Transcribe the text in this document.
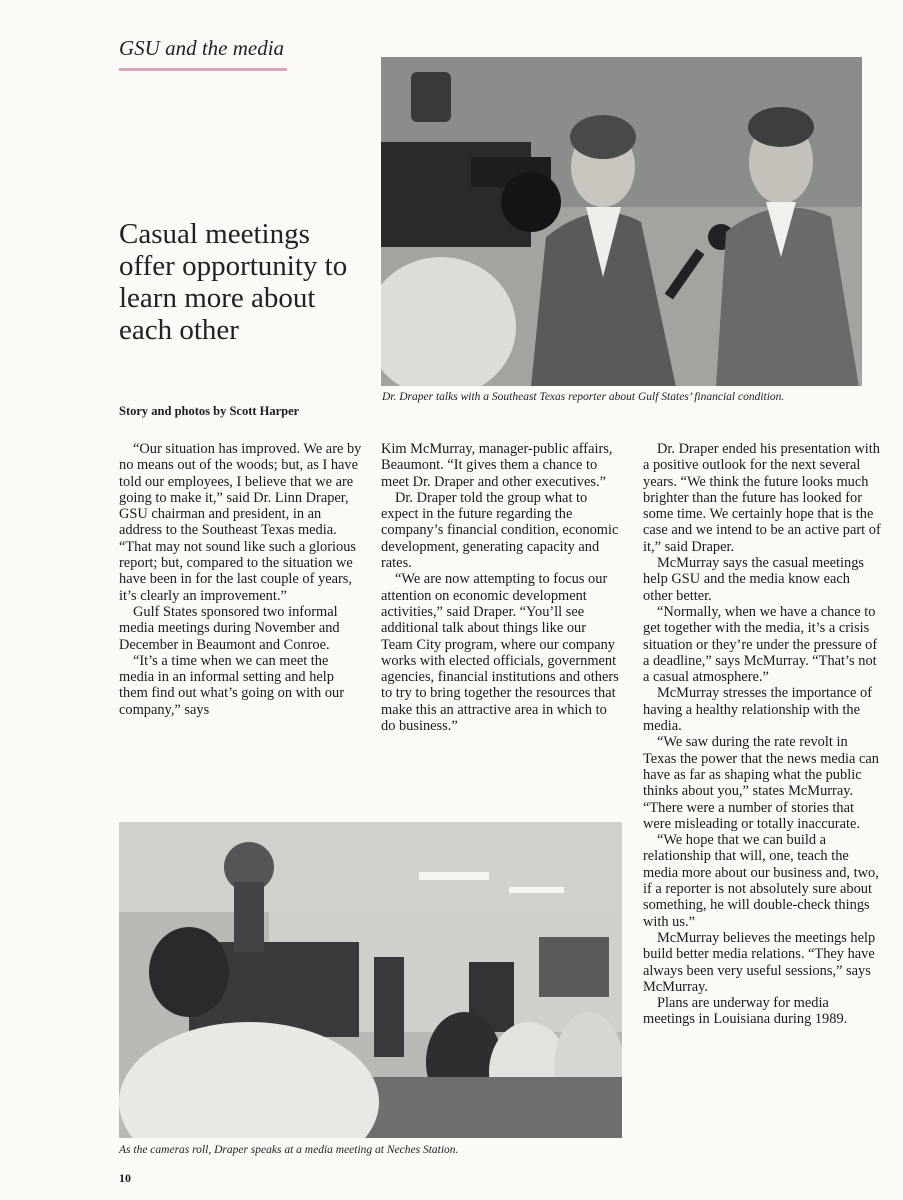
GSU and the media
Casual meetings offer opportunity to learn more about each other
Story and photos by Scott Harper
Dr. Draper talks with a Southeast Texas reporter about Gulf States’ financial condition.

“Our situation has improved. We are by no means out of the woods; but, as I have told our employees, I believe that we are going to make it,” said Dr. Linn Draper, GSU chairman and president, in an address to the Southeast Texas media. “That may not sound like such a glorious report; but, compared to the situation we have been in for the last couple of years, it’s clearly an improvement.”

Gulf States sponsored two informal media meetings during November and December in Beaumont and Conroe.

“It’s a time when we can meet the media in an informal setting and help them find out what’s going on with our company,” says

Kim McMurray, manager-public affairs, Beaumont. “It gives them a chance to meet Dr. Draper and other executives.”

Dr. Draper told the group what to expect in the future regarding the company’s financial condition, economic development, generating capacity and rates.

“We are now attempting to focus our attention on economic development activities,” said Draper. “You’ll see additional talk about things like our Team City program, where our company works with elected officials, government agencies, financial institutions and others to try to bring together the resources that make this an attractive area in which to do business.”

Dr. Draper ended his presentation with a positive outlook for the next several years. “We think the future looks much brighter than the future has looked for some time. We certainly hope that is the case and we intend to be an active part of it,” said Draper.

McMurray says the casual meetings help GSU and the media know each other better.

“Normally, when we have a chance to get together with the media, it’s a crisis situation or they’re under the pressure of a deadline,” says McMurray. “That’s not a casual atmosphere.”

McMurray stresses the importance of having a healthy relationship with the media.

“We saw during the rate revolt in Texas the power that the news media can have as far as shaping what the public thinks about you,” states McMurray. “There were a number of stories that were misleading or totally inaccurate.

“We hope that we can build a relationship that will, one, teach the media more about our business and, two, if a reporter is not absolutely sure about something, he will double-check things with us.”

McMurray believes the meetings help build better media relations. “They have always been very useful sessions,” says McMurray.

Plans are underway for media meetings in Louisiana during 1989.

As the cameras roll, Draper speaks at a media meeting at Neches Station.
10
